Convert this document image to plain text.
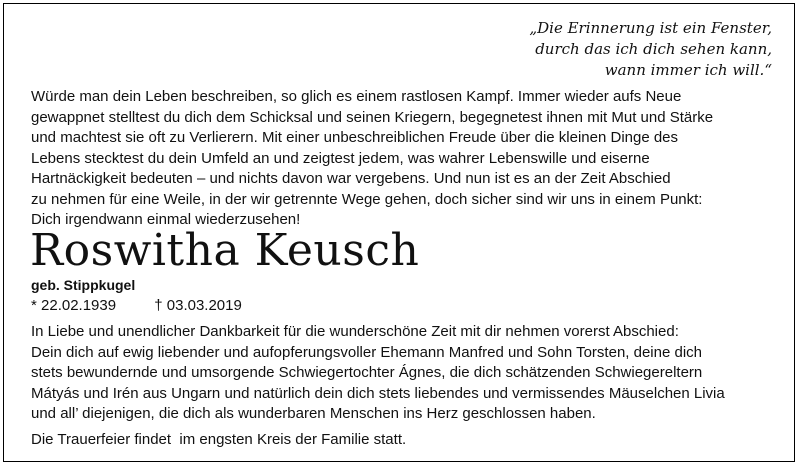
„Die Erinnerung ist ein Fenster,
durch das ich dich sehen kann,
wann immer ich will.“
Würde man dein Leben beschreiben, so glich es einem rastlosen Kampf. Immer wieder aufs Neue
gewappnet stelltest du dich dem Schicksal und seinen Kriegern, begegnetest ihnen mit Mut und Stärke
und machtest sie oft zu Verlierern. Mit einer unbeschreiblichen Freude über die kleinen Dinge des
Lebens stecktest du dein Umfeld an und zeigtest jedem, was wahrer Lebenswille und eiserne
Hartnäckigkeit bedeuten – und nichts davon war vergebens. Und nun ist es an der Zeit Abschied
zu nehmen für eine Weile, in der wir getrennte Wege gehen, doch sicher sind wir uns in einem Punkt:
Dich irgendwann einmal wiederzusehen!
Roswitha Keusch
geb. Stippkugel
* 22.02.1939	† 03.03.2019
In Liebe und unendlicher Dankbarkeit für die wunderschöne Zeit mit dir nehmen vorerst Abschied:
Dein dich auf ewig liebender und aufopferungsvoller Ehemann Manfred und Sohn Torsten, deine dich
stets bewundernde und umsorgende Schwiegertochter Ágnes, die dich schätzenden Schwiegereltern
Mátyás und Irén aus Ungarn und natürlich dein dich stets liebendes und vermissendes Mäuselchen Livia
und all’ diejenigen, die dich als wunderbaren Menschen ins Herz geschlossen haben.
Die Trauerfeier findet  im engsten Kreis der Familie statt.
